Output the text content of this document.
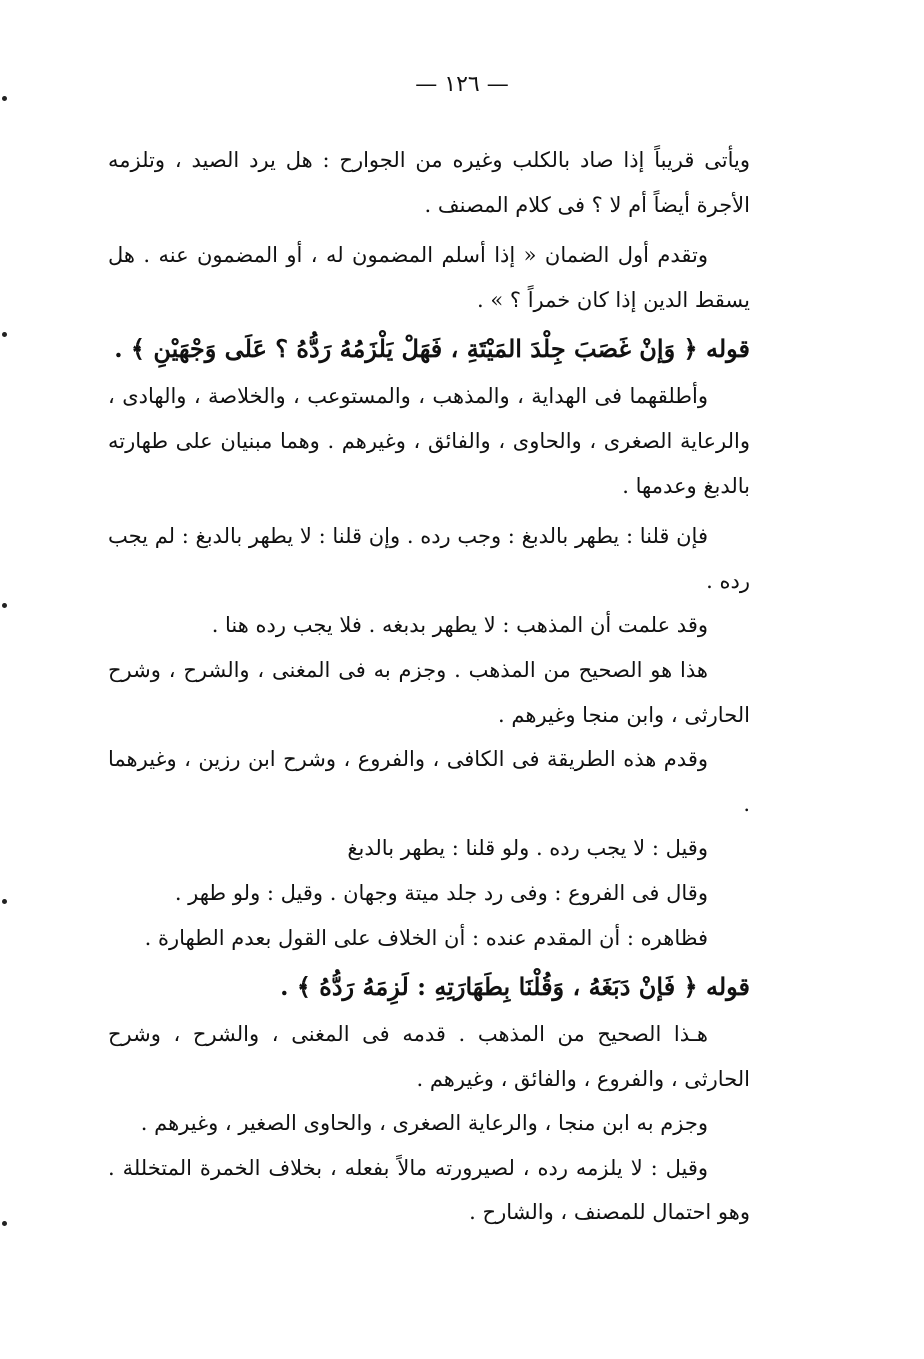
— ١٢٦ —

ويأتى قريباً إذا صاد بالكلب وغيره من الجوارح : هل يرد الصيد ، وتلزمه الأجرة أيضاً أم لا ؟ فى كلام المصنف .

وتقدم أول الضمان « إذا أسلم المضمون له ، أو المضمون عنه . هل يسقط الدين إذا كان خمراً ؟ » .

قوله ﴿ وَإنْ غَصَبَ جِلْدَ المَيْتَةِ ، فَهَلْ يَلْزَمُهُ رَدُّهُ ؟ عَلَى وَجْهَيْنِ ﴾ .

وأطلقهما فى الهداية ، والمذهب ، والمستوعب ، والخلاصة ، والهادى ، والرعاية الصغرى ، والحاوى ، والفائق ، وغيرهم . وهما مبنيان على طهارته بالدبغ وعدمها .

فإن قلنا : يطهر بالدبغ : وجب رده . وإن قلنا : لا يطهر بالدبغ : لم يجب رده .

وقد علمت أن المذهب : لا يطهر بدبغه . فلا يجب رده هنا .

هذا هو الصحيح من المذهب . وجزم به فى المغنى ، والشرح ، وشرح الحارثى ، وابن منجا وغيرهم .

وقدم هذه الطريقة فى الكافى ، والفروع ، وشرح ابن رزين ، وغيرهما .

وقيل : لا يجب رده . ولو قلنا : يطهر بالدبغ

وقال فى الفروع : وفى رد جلد ميتة وجهان . وقيل : ولو طهر .

فظاهره : أن المقدم عنده : أن الخلاف على القول بعدم الطهارة .

قوله ﴿ فَإنْ دَبَغَهُ ، وَقُلْنَا بِطَهَارَتِهِ : لَزِمَهُ رَدُّهُ ﴾ .

هـذا الصحيح من المذهب . قدمه فى المغنى ، والشرح ، وشرح الحارثى ، والفروع ، والفائق ، وغيرهم .

وجزم به ابن منجا ، والرعاية الصغرى ، والحاوى الصغير ، وغيرهم .

وقيل : لا يلزمه رده ، لصيرورته مالاً بفعله ، بخلاف الخمرة المتخللة . وهو احتمال للمصنف ، والشارح .
